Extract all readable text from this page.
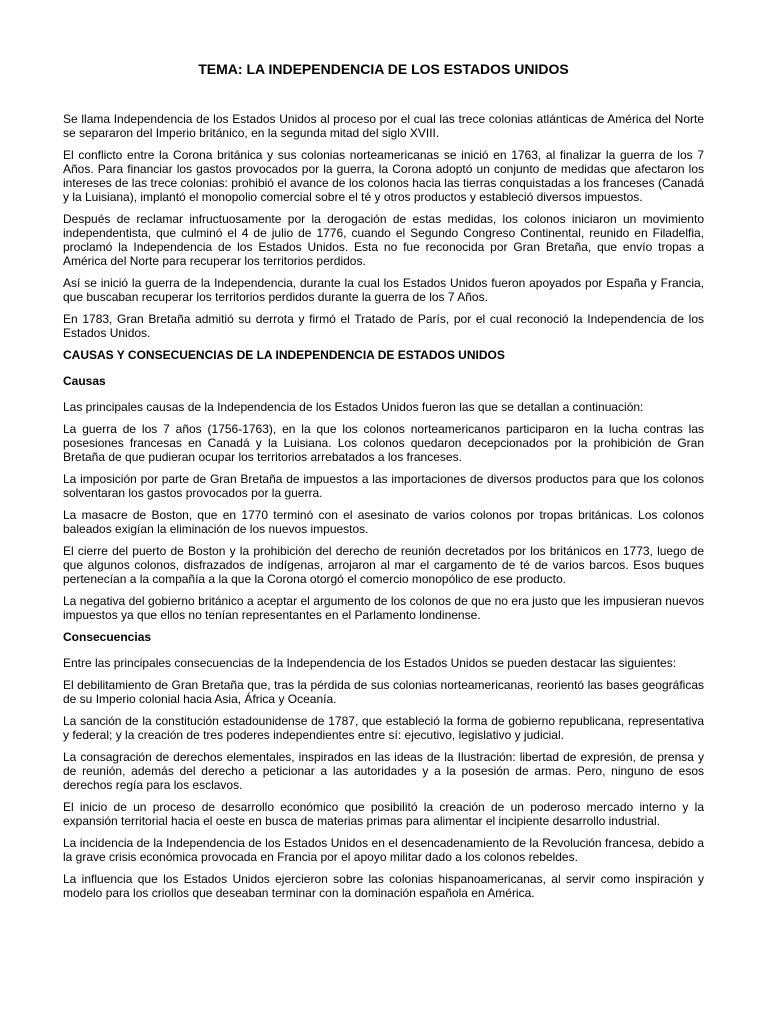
TEMA: LA INDEPENDENCIA DE LOS ESTADOS UNIDOS

Se llama Independencia de los Estados Unidos al proceso por el cual las trece colonias atlánticas de América del Norte se separaron del Imperio británico, en la segunda mitad del siglo XVIII.

El conflicto entre la Corona británica y sus colonias norteamericanas se inició en 1763, al finalizar la guerra de los 7 Años. Para financiar los gastos provocados por la guerra, la Corona adoptó un conjunto de medidas que afectaron los intereses de las trece colonias: prohibió el avance de los colonos hacia las tierras conquistadas a los franceses (Canadá y la Luisiana), implantó el monopolio comercial sobre el té y otros productos y estableció diversos impuestos.

Después de reclamar infructuosamente por la derogación de estas medidas, los colonos iniciaron un movimiento independentista, que culminó el 4 de julio de 1776, cuando el Segundo Congreso Continental, reunido en Filadelfia, proclamó la Independencia de los Estados Unidos. Esta no fue reconocida por Gran Bretaña, que envío tropas a América del Norte para recuperar los territorios perdidos.

Así se inició la guerra de la Independencia, durante la cual los Estados Unidos fueron apoyados por España y Francia, que buscaban recuperar los territorios perdidos durante la guerra de los 7 Años.

En 1783, Gran Bretaña admitió su derrota y firmó el Tratado de París, por el cual reconoció la Independencia de los Estados Unidos.

CAUSAS Y CONSECUENCIAS DE LA INDEPENDENCIA DE ESTADOS UNIDOS
Causas

Las principales causas de la Independencia de los Estados Unidos fueron las que se detallan a continuación:

La guerra de los 7 años (1756-1763), en la que los colonos norteamericanos participaron en la lucha contras las posesiones francesas en Canadá y la Luisiana. Los colonos quedaron decepcionados por la prohibición de Gran Bretaña de que pudieran ocupar los territorios arrebatados a los franceses.

La imposición por parte de Gran Bretaña de impuestos a las importaciones de diversos productos para que los colonos solventaran los gastos provocados por la guerra.

La masacre de Boston, que en 1770 terminó con el asesinato de varios colonos por tropas británicas. Los colonos baleados exigían la eliminación de los nuevos impuestos.

El cierre del puerto de Boston y la prohibición del derecho de reunión decretados por los británicos en 1773, luego de que algunos colonos, disfrazados de indígenas, arrojaron al mar el cargamento de té de varios barcos. Esos buques pertenecían a la compañía a la que la Corona otorgó el comercio monopólico de ese producto.

La negativa del gobierno británico a aceptar el argumento de los colonos de que no era justo que les impusieran nuevos impuestos ya que ellos no tenían representantes en el Parlamento londinense.

Consecuencias

Entre las principales consecuencias de la Independencia de los Estados Unidos se pueden destacar las siguientes:

El debilitamiento de Gran Bretaña que, tras la pérdida de sus colonias norteamericanas, reorientó las bases geográficas de su Imperio colonial hacia Asia, África y Oceanía.

La sanción de la constitución estadounidense de 1787, que estableció la forma de gobierno republicana, representativa y federal; y la creación de tres poderes independientes entre sí: ejecutivo, legislativo y judicial.

La consagración de derechos elementales, inspirados en las ideas de la Ilustración: libertad de expresión, de prensa y de reunión, además del derecho a peticionar a las autoridades y a la posesión de armas. Pero, ninguno de esos derechos regía para los esclavos.

El inicio de un proceso de desarrollo económico que posibilitó la creación de un poderoso mercado interno y la expansión territorial hacia el oeste en busca de materias primas para alimentar el incipiente desarrollo industrial.

La incidencia de la Independencia de los Estados Unidos en el desencadenamiento de la Revolución francesa, debido a la grave crisis económica provocada en Francia por el apoyo militar dado a los colonos rebeldes.

La influencia que los Estados Unidos ejercieron sobre las colonias hispanoamericanas, al servir como inspiración y modelo para los criollos que deseaban terminar con la dominación española en América.
